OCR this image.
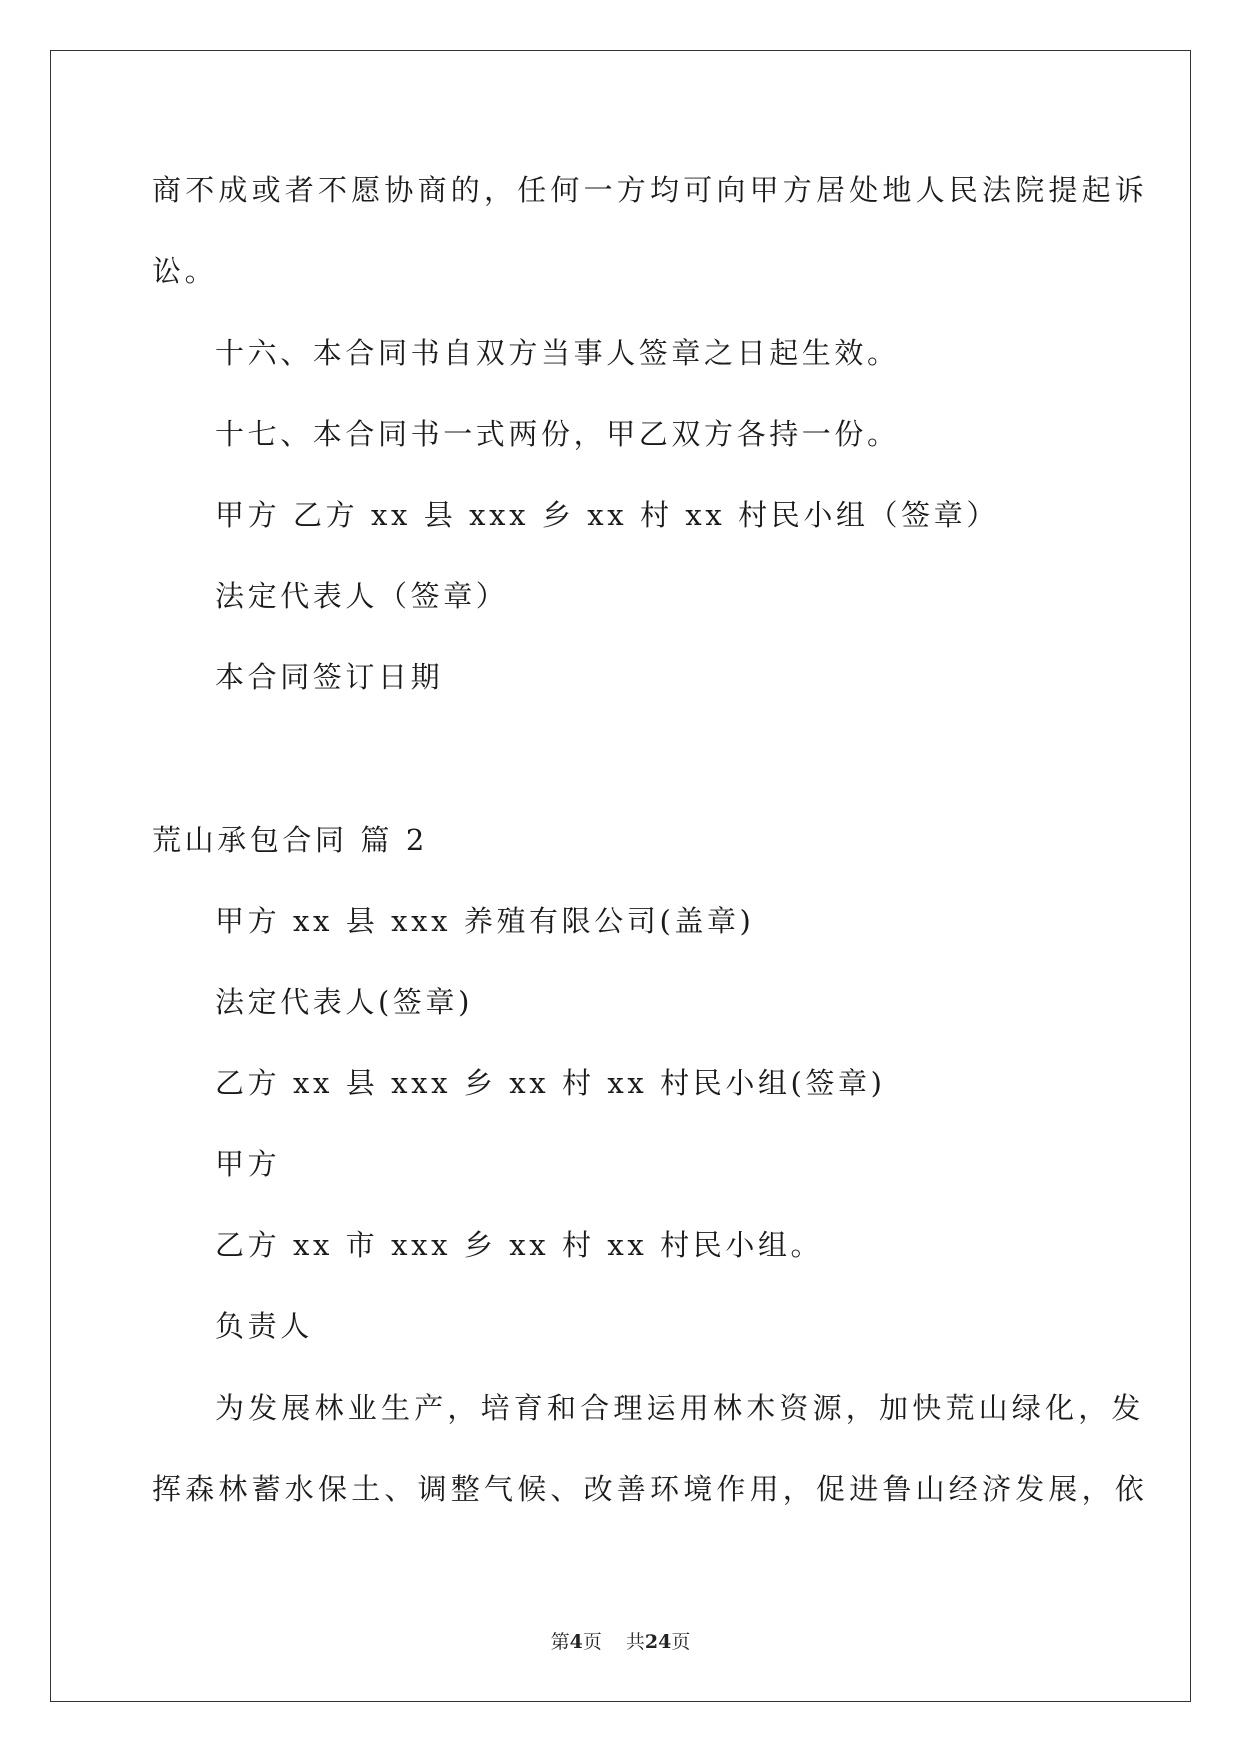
商不成或者不愿协商的，任何一方均可向甲方居处地人民法院提起诉
讼。
十六、本合同书自双方当事人签章之日起生效。
十七、本合同书一式两份，甲乙双方各持一份。
甲方 乙方 xx 县 xxx 乡 xx 村 xx 村民小组（签章）
法定代表人（签章）
本合同签订日期
荒山承包合同 篇 2
甲方 xx 县 xxx 养殖有限公司(盖章)
法定代表人(签章)
乙方 xx 县 xxx 乡 xx 村 xx 村民小组(签章)
甲方
乙方 xx 市 xxx 乡 xx 村 xx 村民小组。
负责人
为发展林业生产，培育和合理运用林木资源，加快荒山绿化，发
挥森林蓄水保土、调整气候、改善环境作用，促进鲁山经济发展，依
第4页 共24页
